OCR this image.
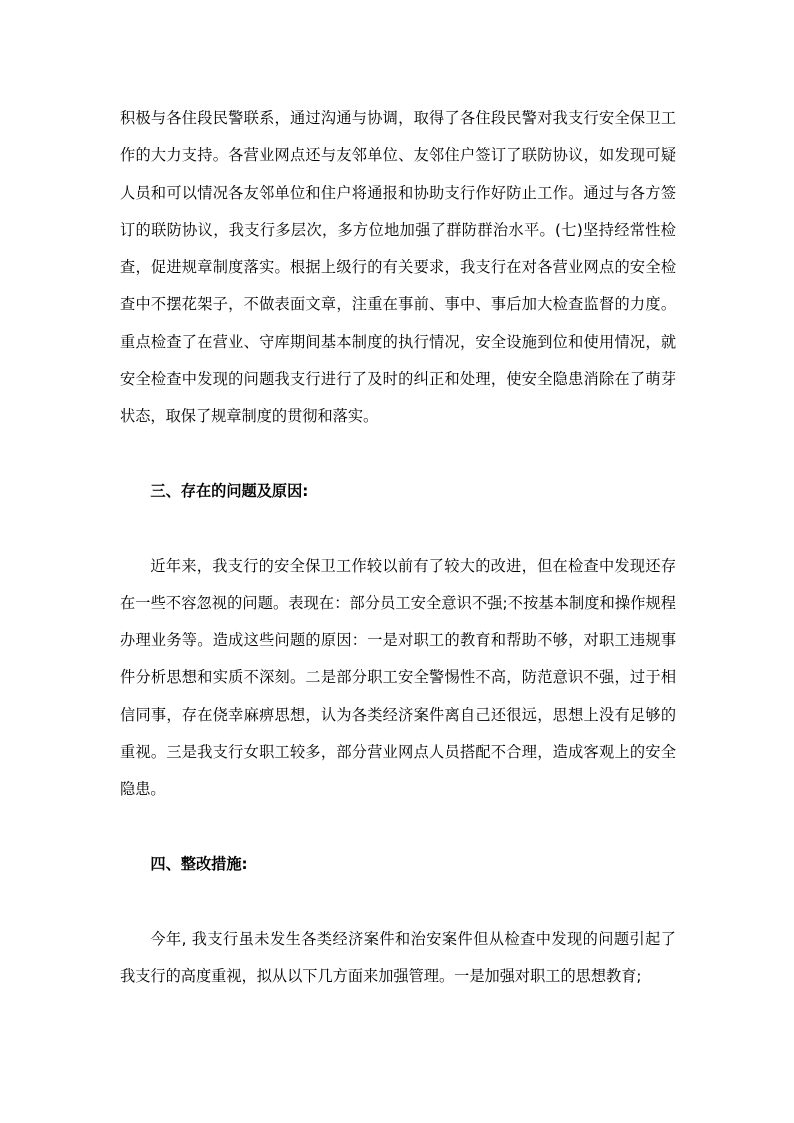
积极与各住段民警联系，通过沟通与协调，取得了各住段民警对我支行安全保卫工作的大力支持。各营业网点还与友邻单位、友邻住户签订了联防协议，如发现可疑人员和可以情况各友邻单位和住户将通报和协助支行作好防止工作。通过与各方签订的联防协议，我支行多层次，多方位地加强了群防群治水平。(七)坚持经常性检查，促进规章制度落实。根据上级行的有关要求，我支行在对各营业网点的安全检查中不摆花架子，不做表面文章，注重在事前、事中、事后加大检查监督的力度。重点检查了在营业、守库期间基本制度的执行情况，安全设施到位和使用情况，就安全检查中发现的问题我支行进行了及时的纠正和处理，使安全隐患消除在了萌芽状态，取保了规章制度的贯彻和落实。

三、存在的问题及原因:

近年来，我支行的安全保卫工作较以前有了较大的改进，但在检查中发现还存在一些不容忽视的问题。表现在：部分员工安全意识不强;不按基本制度和操作规程办理业务等。造成这些问题的原因：一是对职工的教育和帮助不够，对职工违规事件分析思想和实质不深刻。二是部分职工安全警惕性不高，防范意识不强，过于相信同事，存在侥幸麻痹思想，认为各类经济案件离自己还很远，思想上没有足够的重视。三是我支行女职工较多，部分营业网点人员搭配不合理，造成客观上的安全隐患。

四、整改措施:

今年, 我支行虽未发生各类经济案件和治安案件但从检查中发现的问题引起了我支行的高度重视，拟从以下几方面来加强管理。一是加强对职工的思想教育;
